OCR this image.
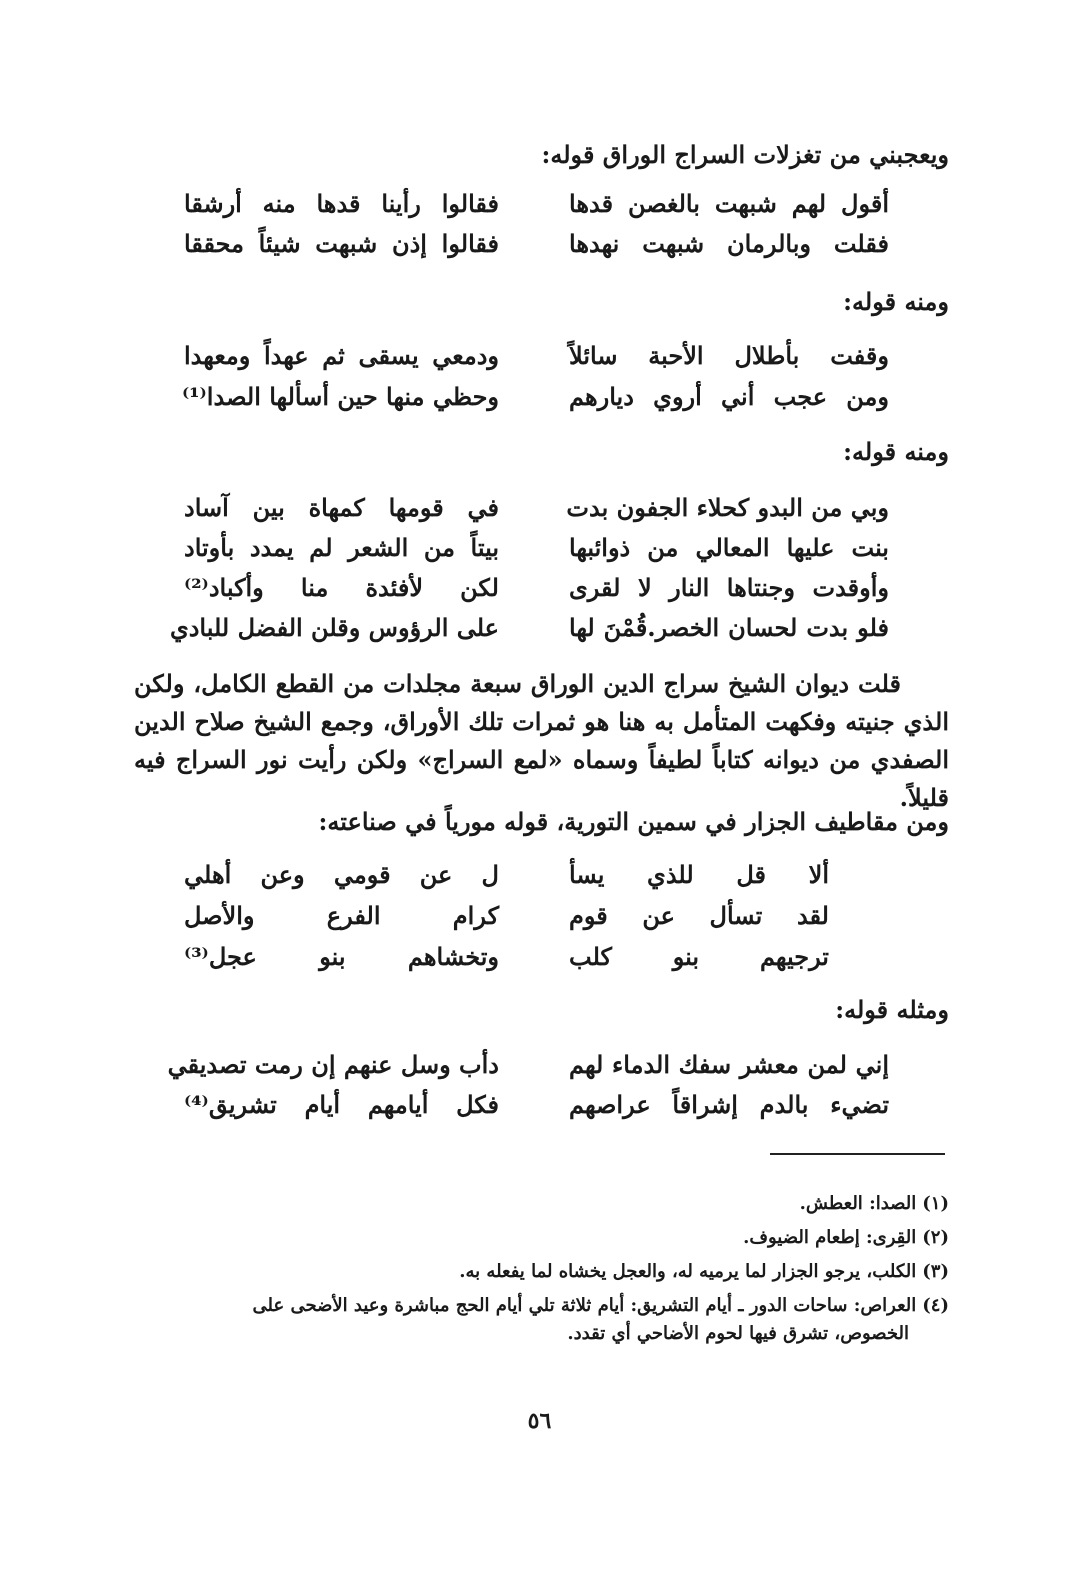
ويعجبني من تغزلات السراج الوراق قوله:
أقول لهم شبهت بالغصن قدها
فقالوا رأينا قدها منه أرشقا
فقلت وبالرمان شبهت نهدها
فقالوا إذن شبهت شيئاً محققا
ومنه قوله:
وقفت بأطلال الأحبة سائلاً
ودمعي يسقى ثم عهداً ومعهدا
ومن عجب أني أروي ديارهم
وحظي منها حين أسألها الصدا⁽¹⁾
ومنه قوله:
وبي من البدو كحلاء الجفون بدت
في قومها كمهاة بين آساد
بنت عليها المعالي من ذوائبها
بيتاً من الشعر لم يمدد بأوتاد
وأوقدت وجنتاها النار لا لقرى
لكن لأفئدة منا وأكباد⁽²⁾
فلو بدت لحسان الخصر.قُمْنَ لها
على الرؤوس وقلن الفضل للبادي

قلت ديوان الشيخ سراج الدين الوراق سبعة مجلدات من القطع الكامل، ولكن الذي جنيته وفكهت المتأمل به هنا هو ثمرات تلك الأوراق، وجمع الشيخ صلاح الدين الصفدي من ديوانه كتاباً لطيفاً وسماه «لمع السراج» ولكن رأيت نور السراج فيه قليلاً.

ومن مقاطيف الجزار في سمين التورية، قوله مورياً في صناعته:
ألا قل للذي يسأ
ل عن قومي وعن أهلي
لقد تسأل عن قوم
كرام الفرع والأصل
ترجيهم بنو كلب
وتخشاهم بنو عجل⁽³⁾
ومثله قوله:
إني لمن معشر سفك الدماء لهم
دأب وسل عنهم إن رمت تصديقي
تضيء بالدم إشراقاً عراصهم
فكل أيامهم أيام تشريق⁽⁴⁾

(١)الصدا: العطش.

(٢)القِرى: إطعام الضيوف.

(٣)الكلب، يرجو الجزار لما يرميه له، والعجل يخشاه لما يفعله به.

(٤)العراص: ساحات الدور ـ أيام التشريق: أيام ثلاثة تلي أيام الحج مباشرة وعيد الأضحى على
الخصوص، تشرق فيها لحوم الأضاحي أي تقدد.

٥٦
